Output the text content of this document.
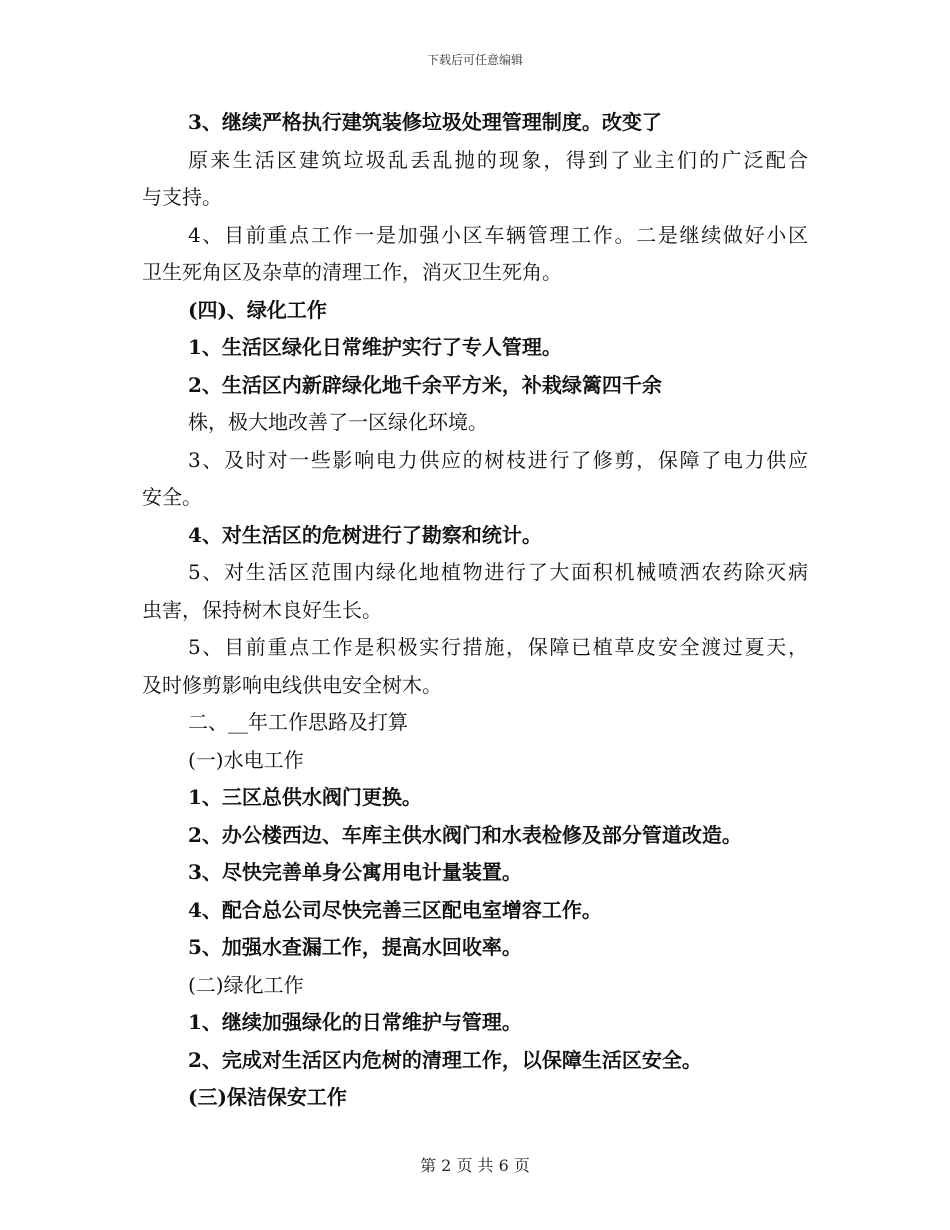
下载后可任意编辑

3、继续严格执行建筑装修垃圾处理管理制度。改变了

原来生活区建筑垃圾乱丢乱抛的现象，得到了业主们的广泛配合

与支持。

4、目前重点工作一是加强小区车辆管理工作。二是继续做好小区

卫生死角区及杂草的清理工作，消灭卫生死角。

(四)、绿化工作

1、生活区绿化日常维护实行了专人管理。

2、生活区内新辟绿化地千余平方米，补栽绿篱四千余

株，极大地改善了一区绿化环境。

3、及时对一些影响电力供应的树枝进行了修剪，保障了电力供应

安全。

4、对生活区的危树进行了勘察和统计。

5、对生活区范围内绿化地植物进行了大面积机械喷洒农药除灭病

虫害，保持树木良好生长。

5、目前重点工作是积极实行措施，保障已植草皮安全渡过夏天，

及时修剪影响电线供电安全树木。

二、__年工作思路及打算

(一)水电工作

1、三区总供水阀门更换。

2、办公楼西边、车库主供水阀门和水表检修及部分管道改造。

3、尽快完善单身公寓用电计量装置。

4、配合总公司尽快完善三区配电室增容工作。

5、加强水查漏工作，提高水回收率。

(二)绿化工作

1、继续加强绿化的日常维护与管理。

2、完成对生活区内危树的清理工作，以保障生活区安全。

(三)保洁保安工作

第 2 页 共 6 页
